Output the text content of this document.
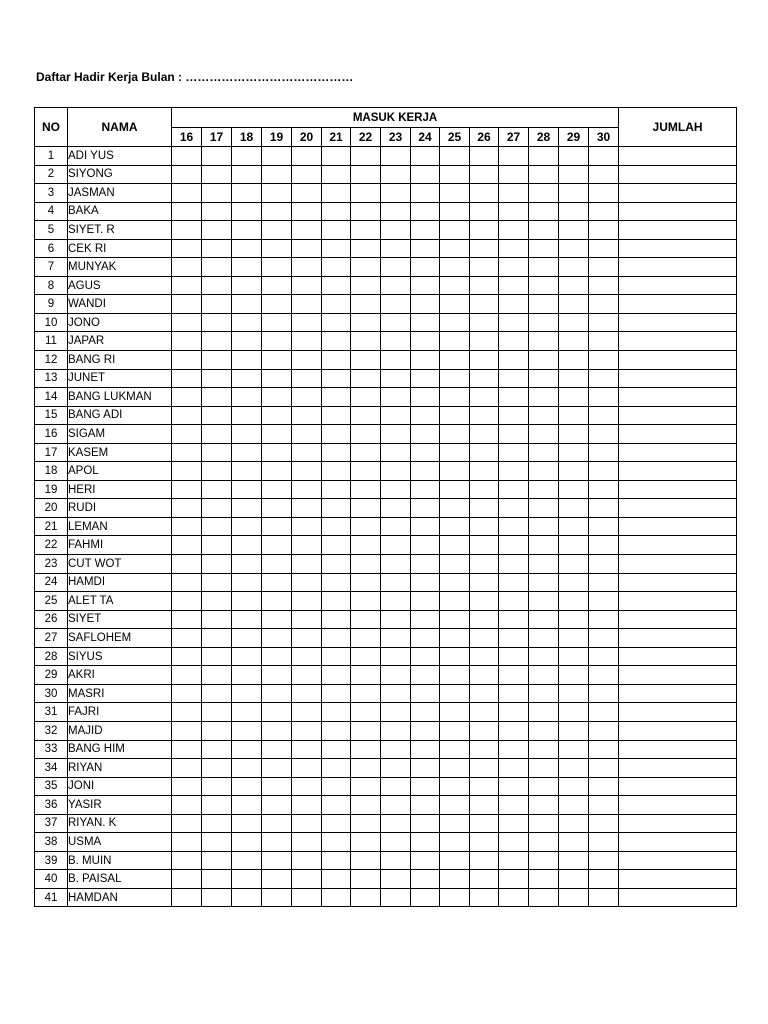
Daftar Hadir Kerja Bulan : ……………………………………
NO	NAMA	MASUK KERJA															JUMLAH
		16	17	18	19	20	21	22	23	24	25	26	27	28	29	30	
1	ADI YUS																
2	SIYONG																
3	JASMAN																
4	BAKA																
5	SIYET. R																
6	CEK RI																
7	MUNYAK																
8	AGUS																
9	WANDI																
10	JONO																
11	JAPAR																
12	BANG RI																
13	JUNET																
14	BANG LUKMAN																
15	BANG ADI																
16	SIGAM																
17	KASEM																
18	APOL																
19	HERI																
20	RUDI																
21	LEMAN																
22	FAHMI																
23	CUT WOT																
24	HAMDI																
25	ALET TA																
26	SIYET																
27	SAFLOHEM																
28	SIYUS																
29	AKRI																
30	MASRI																
31	FAJRI																
32	MAJID																
33	BANG HIM																
34	RIYAN																
35	JONI																
36	YASIR																
37	RIYAN. K																
38	USMA																
39	B. MUIN																
40	B. PAISAL																
41	HAMDAN																
